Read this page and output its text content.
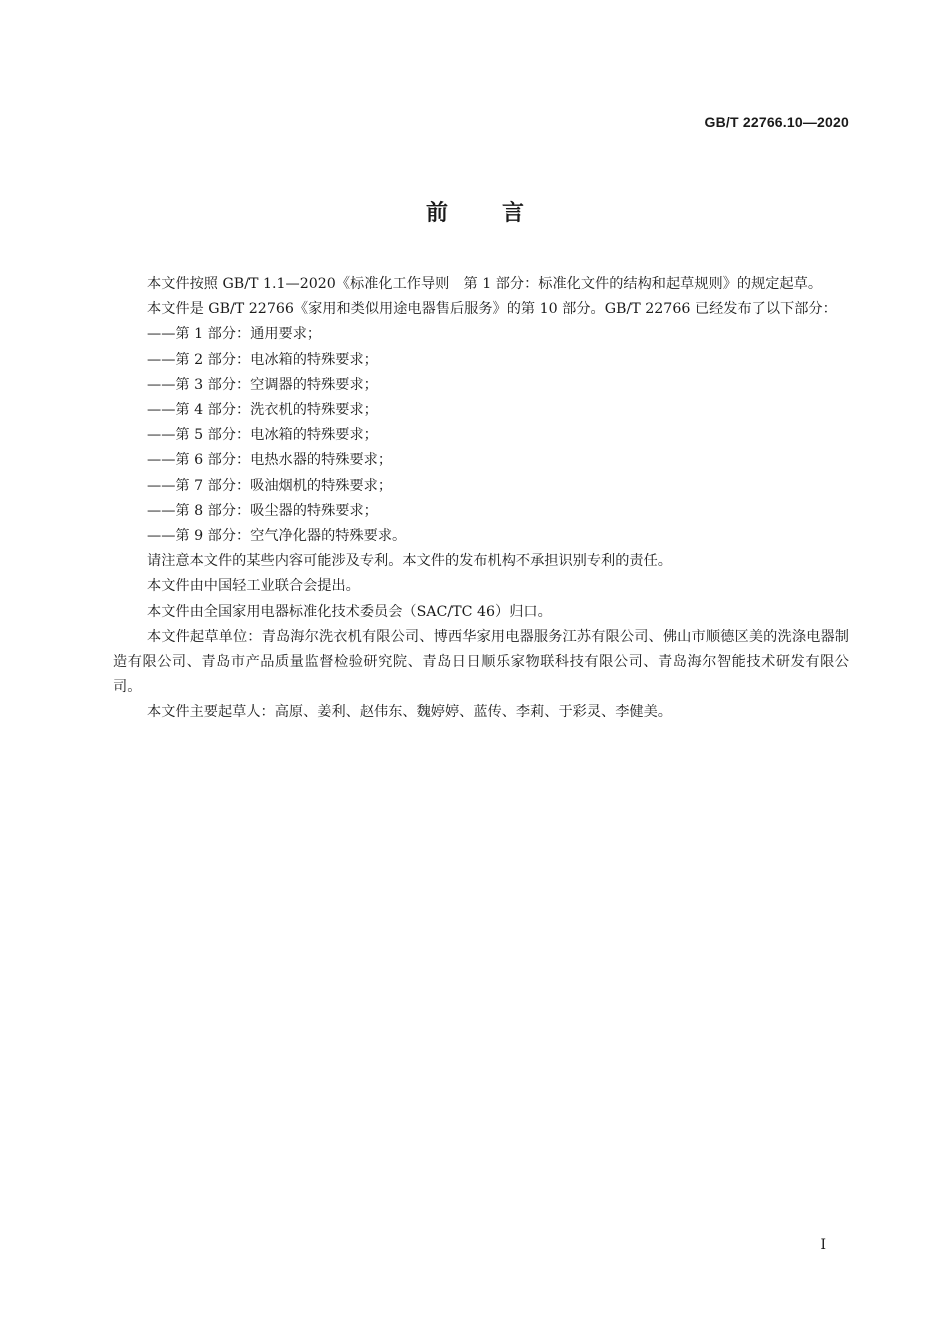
GB/T 22766.10—2020
前言

本文件按照 GB/T 1.1—2020《标准化工作导则　第 1 部分：标准化文件的结构和起草规则》的规定起草。

本文件是 GB/T 22766《家用和类似用途电器售后服务》的第 10 部分。GB/T 22766 已经发布了以下部分：

——第 1 部分：通用要求；

——第 2 部分：电冰箱的特殊要求；

——第 3 部分：空调器的特殊要求；

——第 4 部分：洗衣机的特殊要求；

——第 5 部分：电冰箱的特殊要求；

——第 6 部分：电热水器的特殊要求；

——第 7 部分：吸油烟机的特殊要求；

——第 8 部分：吸尘器的特殊要求；

——第 9 部分：空气净化器的特殊要求。

请注意本文件的某些内容可能涉及专利。本文件的发布机构不承担识别专利的责任。

本文件由中国轻工业联合会提出。

本文件由全国家用电器标准化技术委员会（SAC/TC 46）归口。

本文件起草单位：青岛海尔洗衣机有限公司、博西华家用电器服务江苏有限公司、佛山市顺德区美的洗涤电器制造有限公司、青岛市产品质量监督检验研究院、青岛日日顺乐家物联科技有限公司、青岛海尔智能技术研发有限公司。

本文件主要起草人：高原、姜利、赵伟东、魏婷婷、蓝传、李莉、于彩灵、李健美。

I
